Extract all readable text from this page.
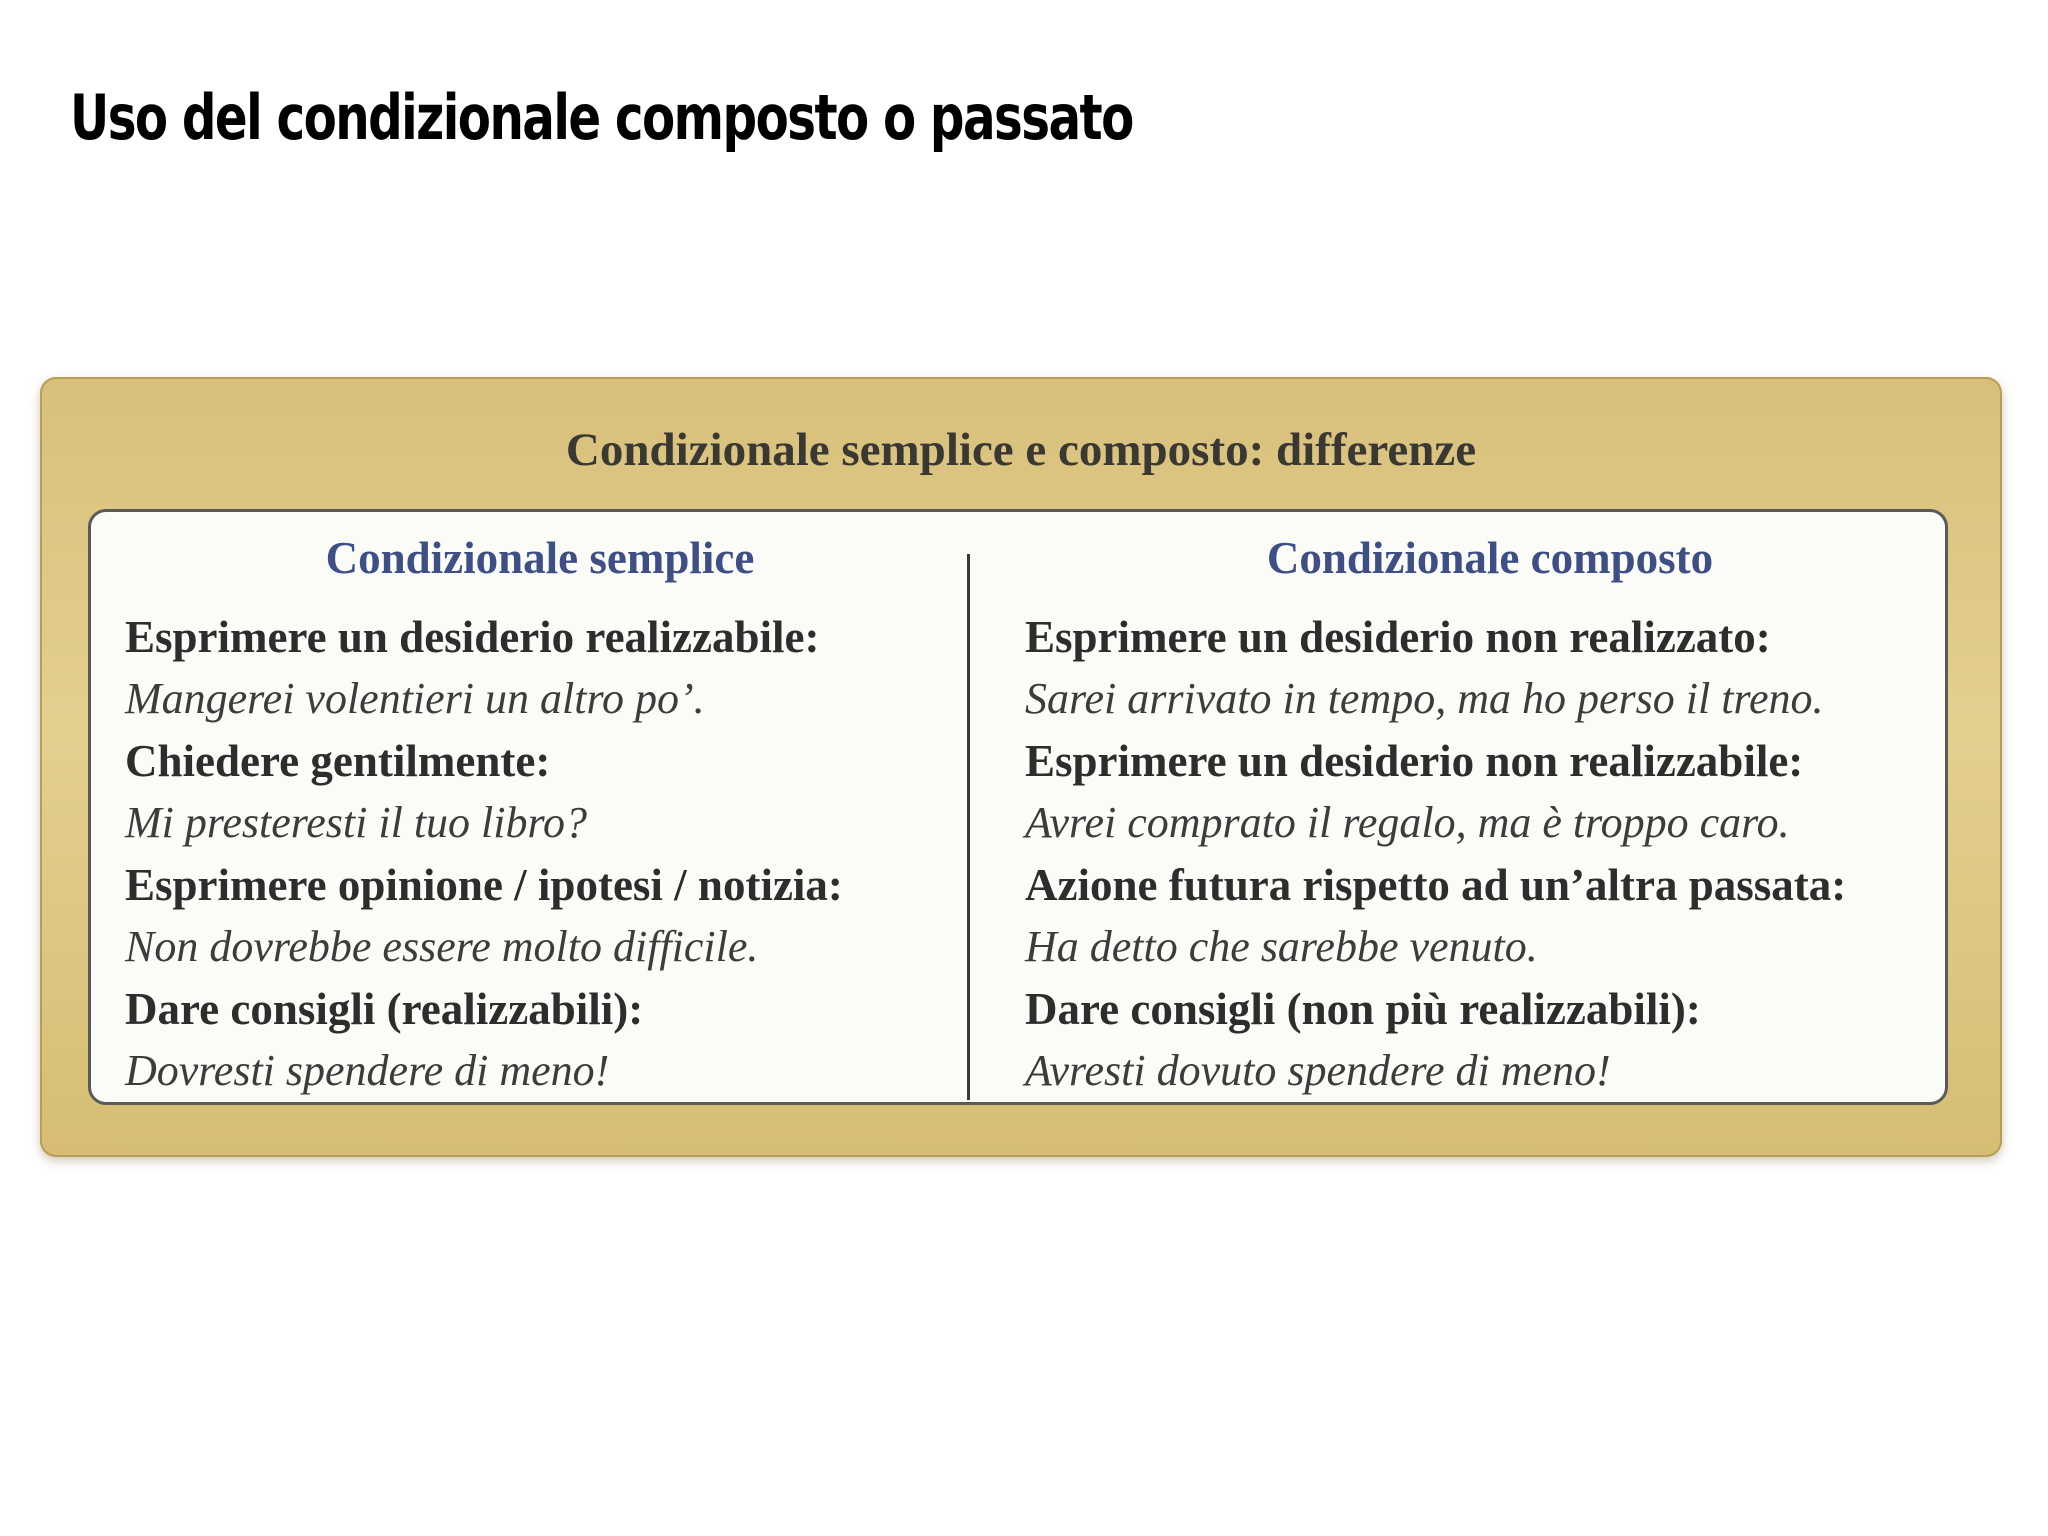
Uso del condizionale composto o passato
Condizionale semplice e composto: differenze
Condizionale semplice
Esprimere un desiderio realizzabile:
Mangerei volentieri un altro po’.
Chiedere gentilmente:
Mi presteresti il tuo libro?
Esprimere opinione / ipotesi / notizia:
Non dovrebbe essere molto difficile.
Dare consigli (realizzabili):
Dovresti spendere di meno!
Condizionale composto
Esprimere un desiderio non realizzato:
Sarei arrivato in tempo, ma ho perso il treno.
Esprimere un desiderio non realizzabile:
Avrei comprato il regalo, ma è troppo caro.
Azione futura rispetto ad un’altra passata:
Ha detto che sarebbe venuto.
Dare consigli (non più realizzabili):
Avresti dovuto spendere di meno!
